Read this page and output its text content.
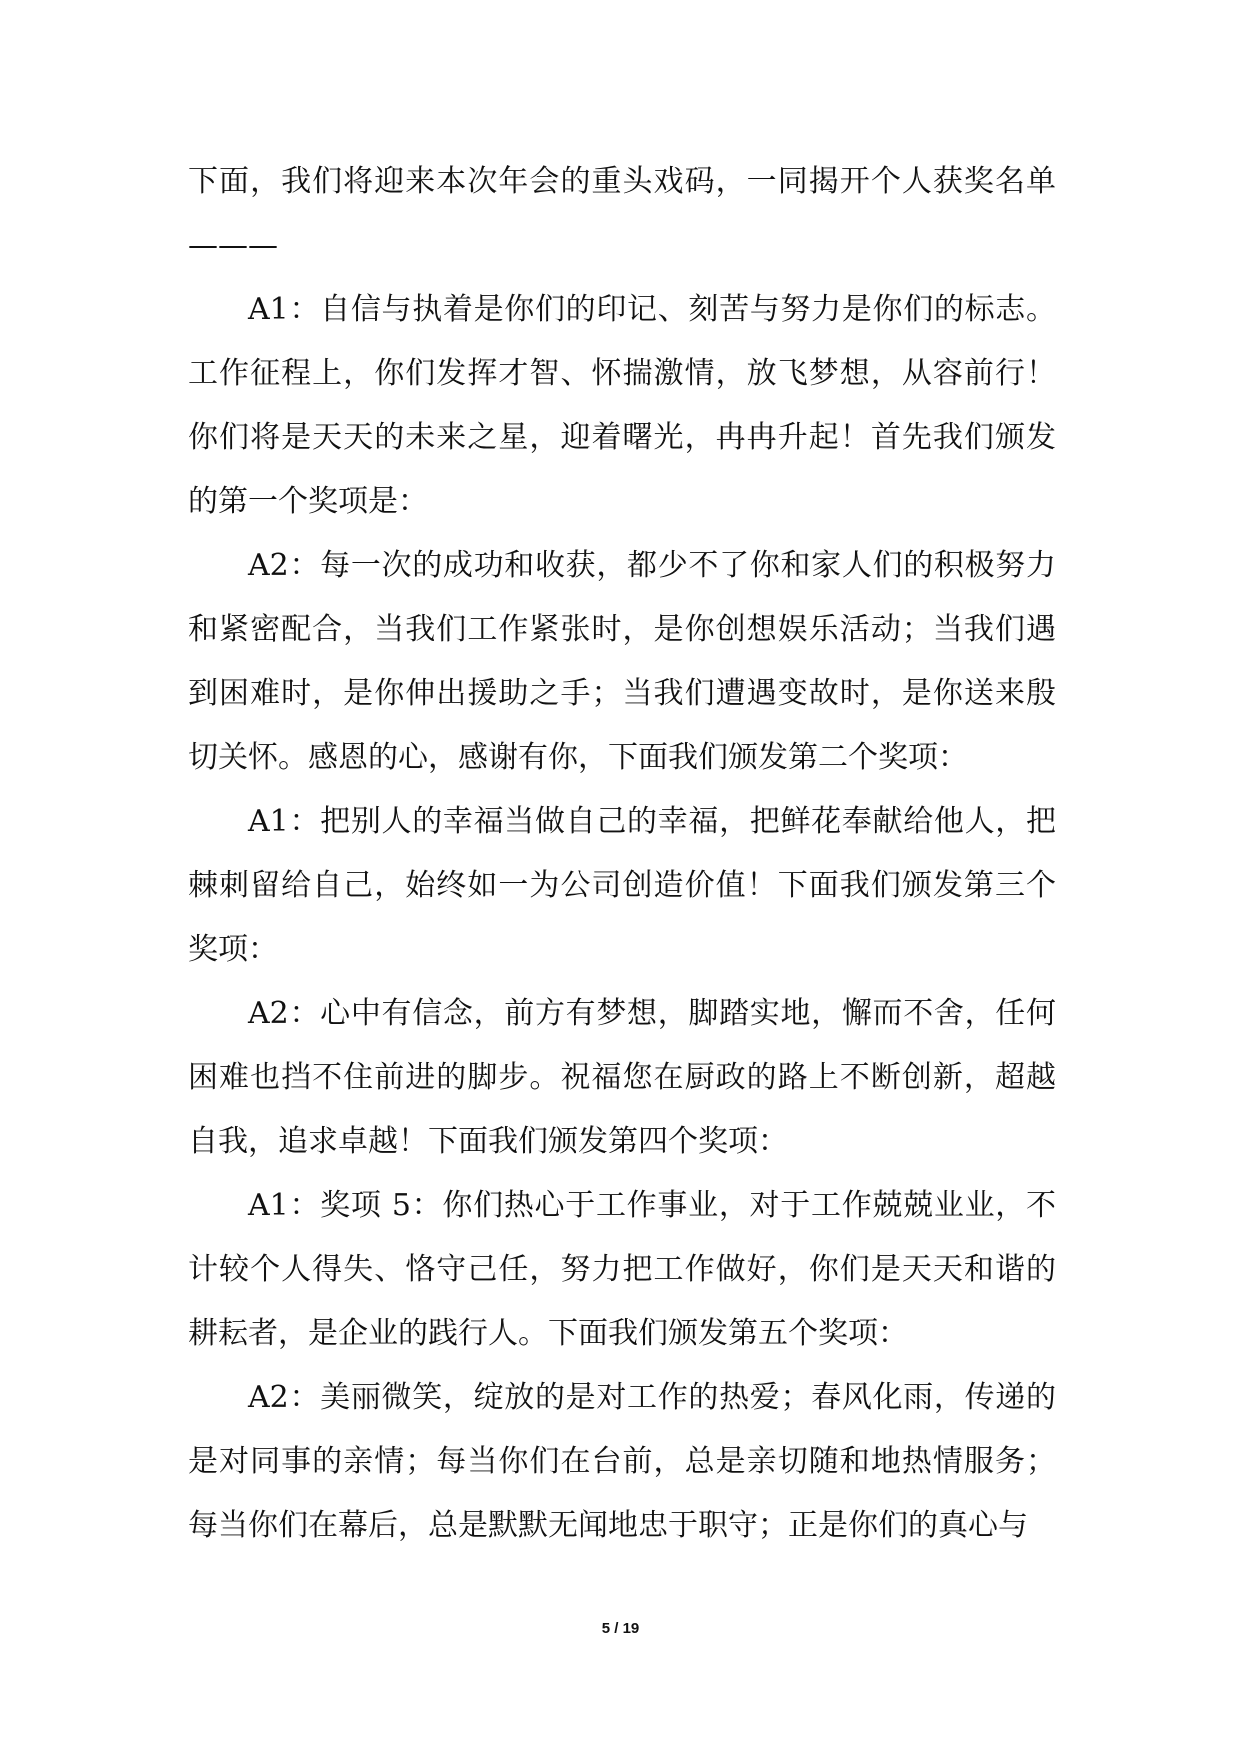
下面，我们将迎来本次年会的重头戏码，一同揭开个人获奖名单———

A1：自信与执着是你们的印记、刻苦与努力是你们的标志。工作征程上，你们发挥才智、怀揣激情，放飞梦想，从容前行！你们将是天天的未来之星，迎着曙光，冉冉升起！首先我们颁发的第一个奖项是：

A2：每一次的成功和收获，都少不了你和家人们的积极努力和紧密配合，当我们工作紧张时，是你创想娱乐活动；当我们遇到困难时，是你伸出援助之手；当我们遭遇变故时，是你送来殷切关怀。感恩的心，感谢有你，下面我们颁发第二个奖项：

A1：把别人的幸福当做自己的幸福，把鲜花奉献给他人，把棘刺留给自己，始终如一为公司创造价值！下面我们颁发第三个奖项：

A2：心中有信念，前方有梦想，脚踏实地，懈而不舍，任何困难也挡不住前进的脚步。祝福您在厨政的路上不断创新，超越自我，追求卓越！下面我们颁发第四个奖项：

A1：奖项 5：你们热心于工作事业，对于工作兢兢业业，不计较个人得失、恪守己任，努力把工作做好，你们是天天和谐的耕耘者，是企业的践行人。下面我们颁发第五个奖项：

A2：美丽微笑，绽放的是对工作的热爱；春风化雨，传递的是对同事的亲情；每当你们在台前，总是亲切随和地热情服务；每当你们在幕后，总是默默无闻地忠于职守；正是你们的真心与

5 / 19
